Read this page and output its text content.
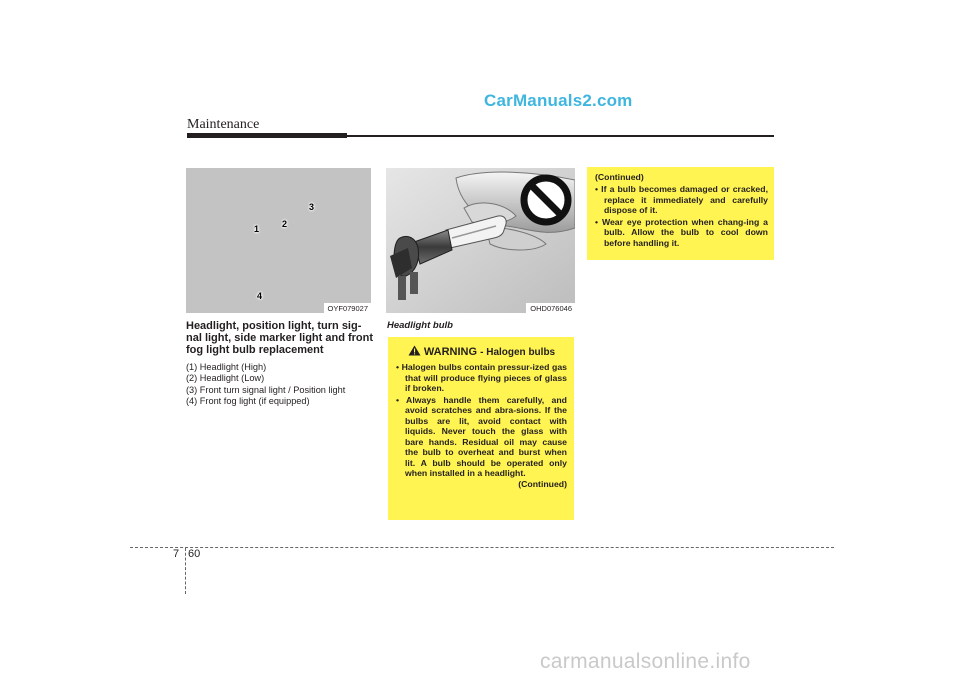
CarManuals2.com
Maintenance
1	2
3
4
OYF079027	OHD076046
Headlight, position light, turn sig-nal light, side marker light and front fog light bulb replacement
(1) Headlight (High)
(2) Headlight (Low)
(3) Front turn signal light / Position light
(4) Front fog light (if equipped)
Headlight bulb
WARNING - Halogen bulbs
• Halogen bulbs contain pressur-ized gas that will produce flying pieces of glass if broken.
• Always handle them carefully, and avoid scratches and abra-sions. If the bulbs are lit, avoid contact with liquids. Never touch the glass with bare hands. Residual oil may cause the bulb to overheat and burst when lit. A bulb should be operated only when installed in a headlight.
(Continued)
(Continued)
• If a bulb becomes damaged or cracked, replace it immediately and carefully dispose of it.
• Wear eye protection when chang-ing a bulb. Allow the bulb to cool down before handling it.
7 60
carmanualsonline.info
